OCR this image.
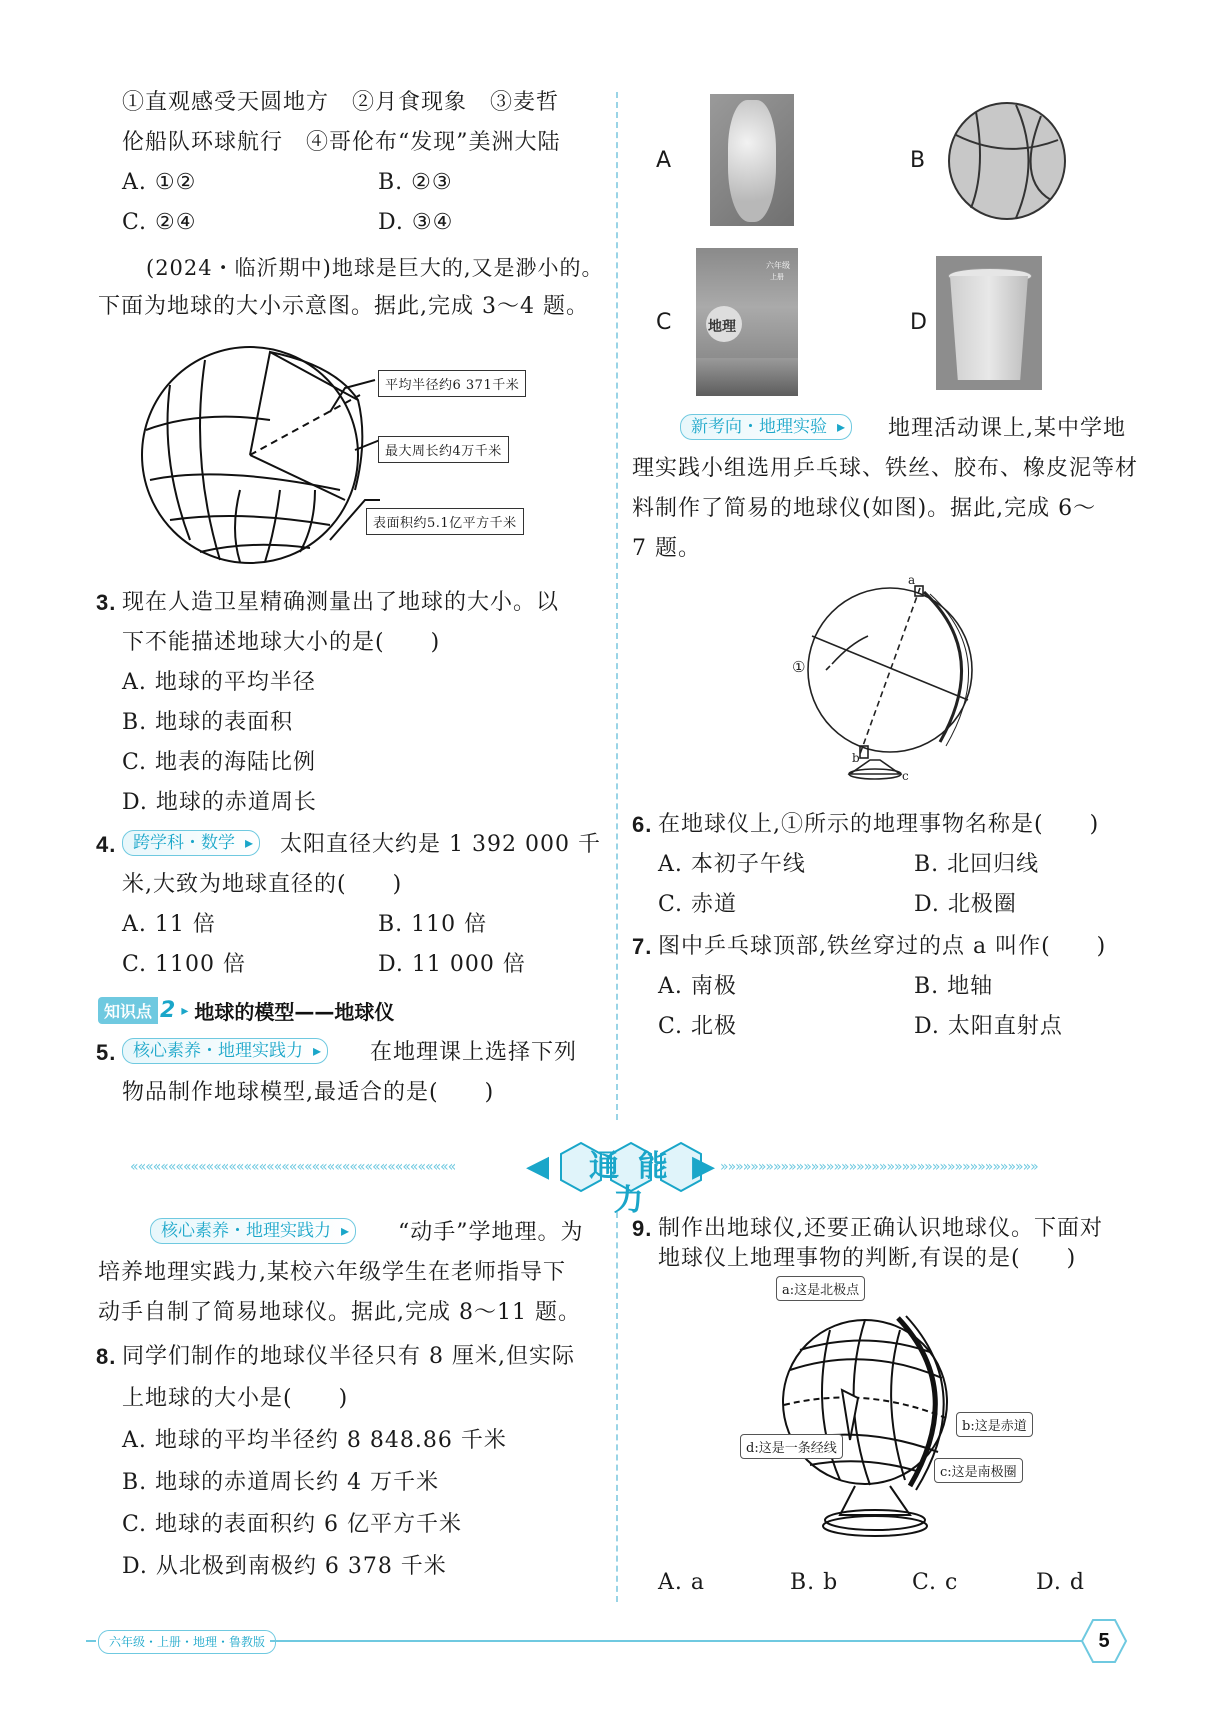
①直观感受天圆地方　②月食现象　③麦哲
伦船队环球航行　④哥伦布“发现”美洲大陆
A. ①②	B. ②③
C. ②④	D. ③④
(2024・临沂期中)地球是巨大的,又是渺小的。
下面为地球的大小示意图。据此,完成 3～4 题。
平均半径约6 371千米
最大周长约4万千米
表面积约5.1亿平方千米
3. 现在人造卫星精确测量出了地球的大小。以
下不能描述地球大小的是(　　)
A. 地球的平均半径
B. 地球的表面积
C. 地表的海陆比例
D. 地球的赤道周长
4. 跨学科・数学 ▸	太阳直径大约是 1 392 000 千
米,大致为地球直径的(　　)
A. 11 倍	B. 110 倍
C. 1100 倍	D. 11 000 倍
知识点 2 ▸ 地球的模型——地球仪
5. 核心素养・地理实践力 ▸	在地理课上选择下列
物品制作地球模型,最适合的是(　　)
A	B
C
六年级
上册
地理	D
新考向・地理实验 ▸	地理活动课上,某中学地
理实践小组选用乒乓球、铁丝、胶布、橡皮泥等材
料制作了简易的地球仪(如图)。据此,完成 6～
7 题。
a
b
c
①
6. 在地球仪上,①所示的地理事物名称是(　　)
A. 本初子午线	B. 北回归线
C. 赤道	D. 北极圈
7. 图中乒乓球顶部,铁丝穿过的点 a 叫作(　　)
A. 南极	B. 地轴
C. 北极	D. 太阳直射点
«««««««««««««««««««««««««««««««««««««««««««	◀	通能力
▶ »»»»»»»»»»»»»»»»»»»»»»»»»»»»»»»»»»»»»»»»»»
核心素养・地理实践力 ▸	“动手”学地理。为
培养地理实践力,某校六年级学生在老师指导下
动手自制了简易地球仪。据此,完成 8～11 题。
8. 同学们制作的地球仪半径只有 8 厘米,但实际
上地球的大小是(　　)
A. 地球的平均半径约 8 848.86 千米
B. 地球的赤道周长约 4 万千米
C. 地球的表面积约 6 亿平方千米
D. 从北极到南极约 6 378 千米
9. 制作出地球仪,还要正确认识地球仪。下面对
地球仪上地理事物的判断,有误的是(　　)
a:这是北极点
b:这是赤道
c:这是南极圈
d:这是一条经线
A. a	B. b	C. c	D. d
六年级・上册・地理・鲁教版	5
